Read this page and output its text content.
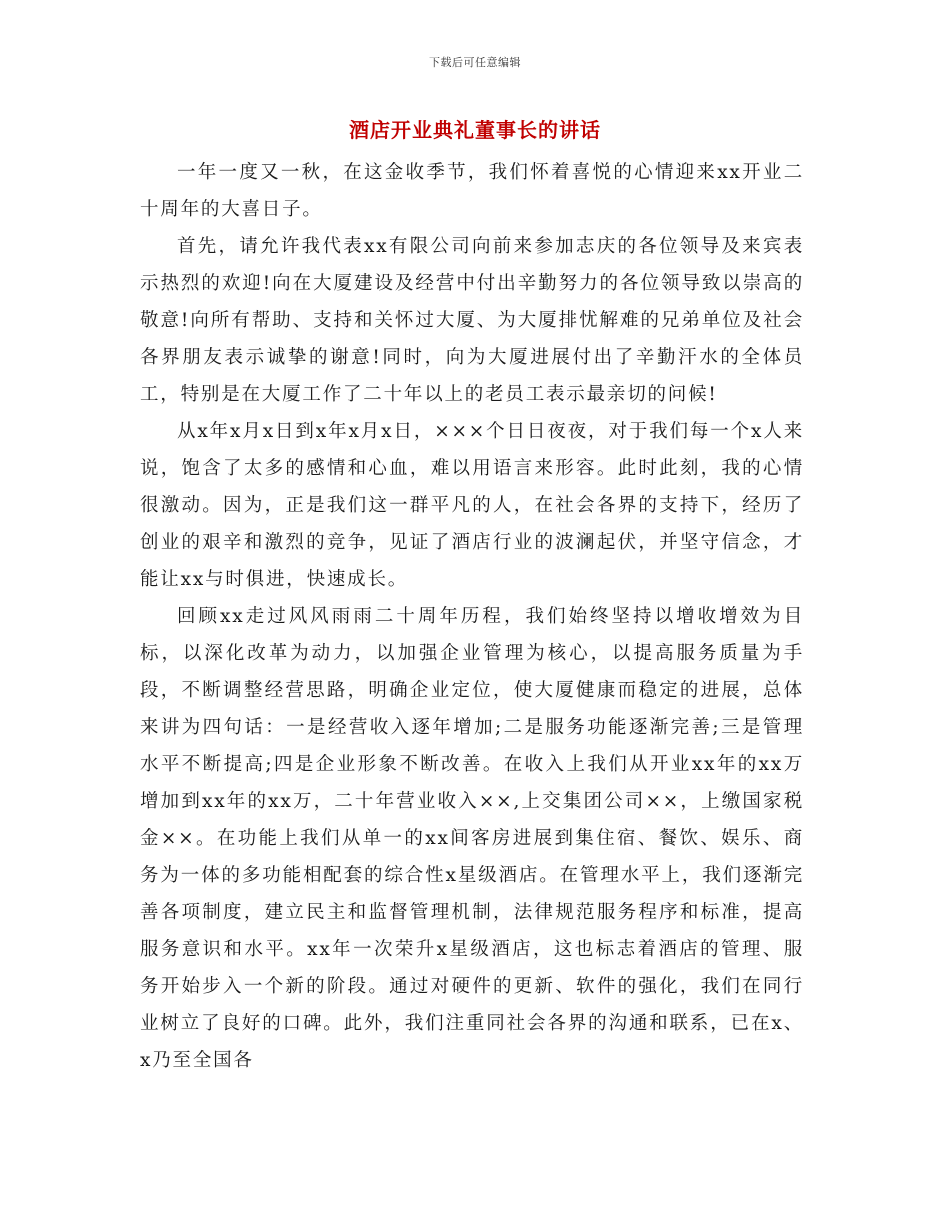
下载后可任意编辑
酒店开业典礼董事长的讲话

一年一度又一秋，在这金收季节，我们怀着喜悦的心情迎来xx开业二十周年的大喜日子。

首先，请允许我代表xx有限公司向前来参加志庆的各位领导及来宾表示热烈的欢迎!向在大厦建设及经营中付出辛勤努力的各位领导致以崇高的敬意!向所有帮助、支持和关怀过大厦、为大厦排忧解难的兄弟单位及社会各界朋友表示诚挚的谢意!同时，向为大厦进展付出了辛勤汗水的全体员工，特别是在大厦工作了二十年以上的老员工表示最亲切的问候!

从x年x月x日到x年x月x日，×××个日日夜夜，对于我们每一个x人来说，饱含了太多的感情和心血，难以用语言来形容。此时此刻，我的心情很激动。因为，正是我们这一群平凡的人，在社会各界的支持下，经历了创业的艰辛和激烈的竞争，见证了酒店行业的波澜起伏，并坚守信念，才能让xx与时俱进，快速成长。

回顾xx走过风风雨雨二十周年历程，我们始终坚持以增收增效为目标，以深化改革为动力，以加强企业管理为核心，以提高服务质量为手段，不断调整经营思路，明确企业定位，使大厦健康而稳定的进展，总体来讲为四句话：一是经营收入逐年增加;二是服务功能逐渐完善;三是管理水平不断提高;四是企业形象不断改善。在收入上我们从开业xx年的xx万增加到xx年的xx万，二十年营业收入××,上交集团公司××，上缴国家税金××。在功能上我们从单一的xx间客房进展到集住宿、餐饮、娱乐、商务为一体的多功能相配套的综合性x星级酒店。在管理水平上，我们逐渐完善各项制度，建立民主和监督管理机制，法律规范服务程序和标准，提高服务意识和水平。xx年一次荣升x星级酒店，这也标志着酒店的管理、服务开始步入一个新的阶段。通过对硬件的更新、软件的强化，我们在同行业树立了良好的口碑。此外，我们注重同社会各界的沟通和联系，已在x、x乃至全国各
